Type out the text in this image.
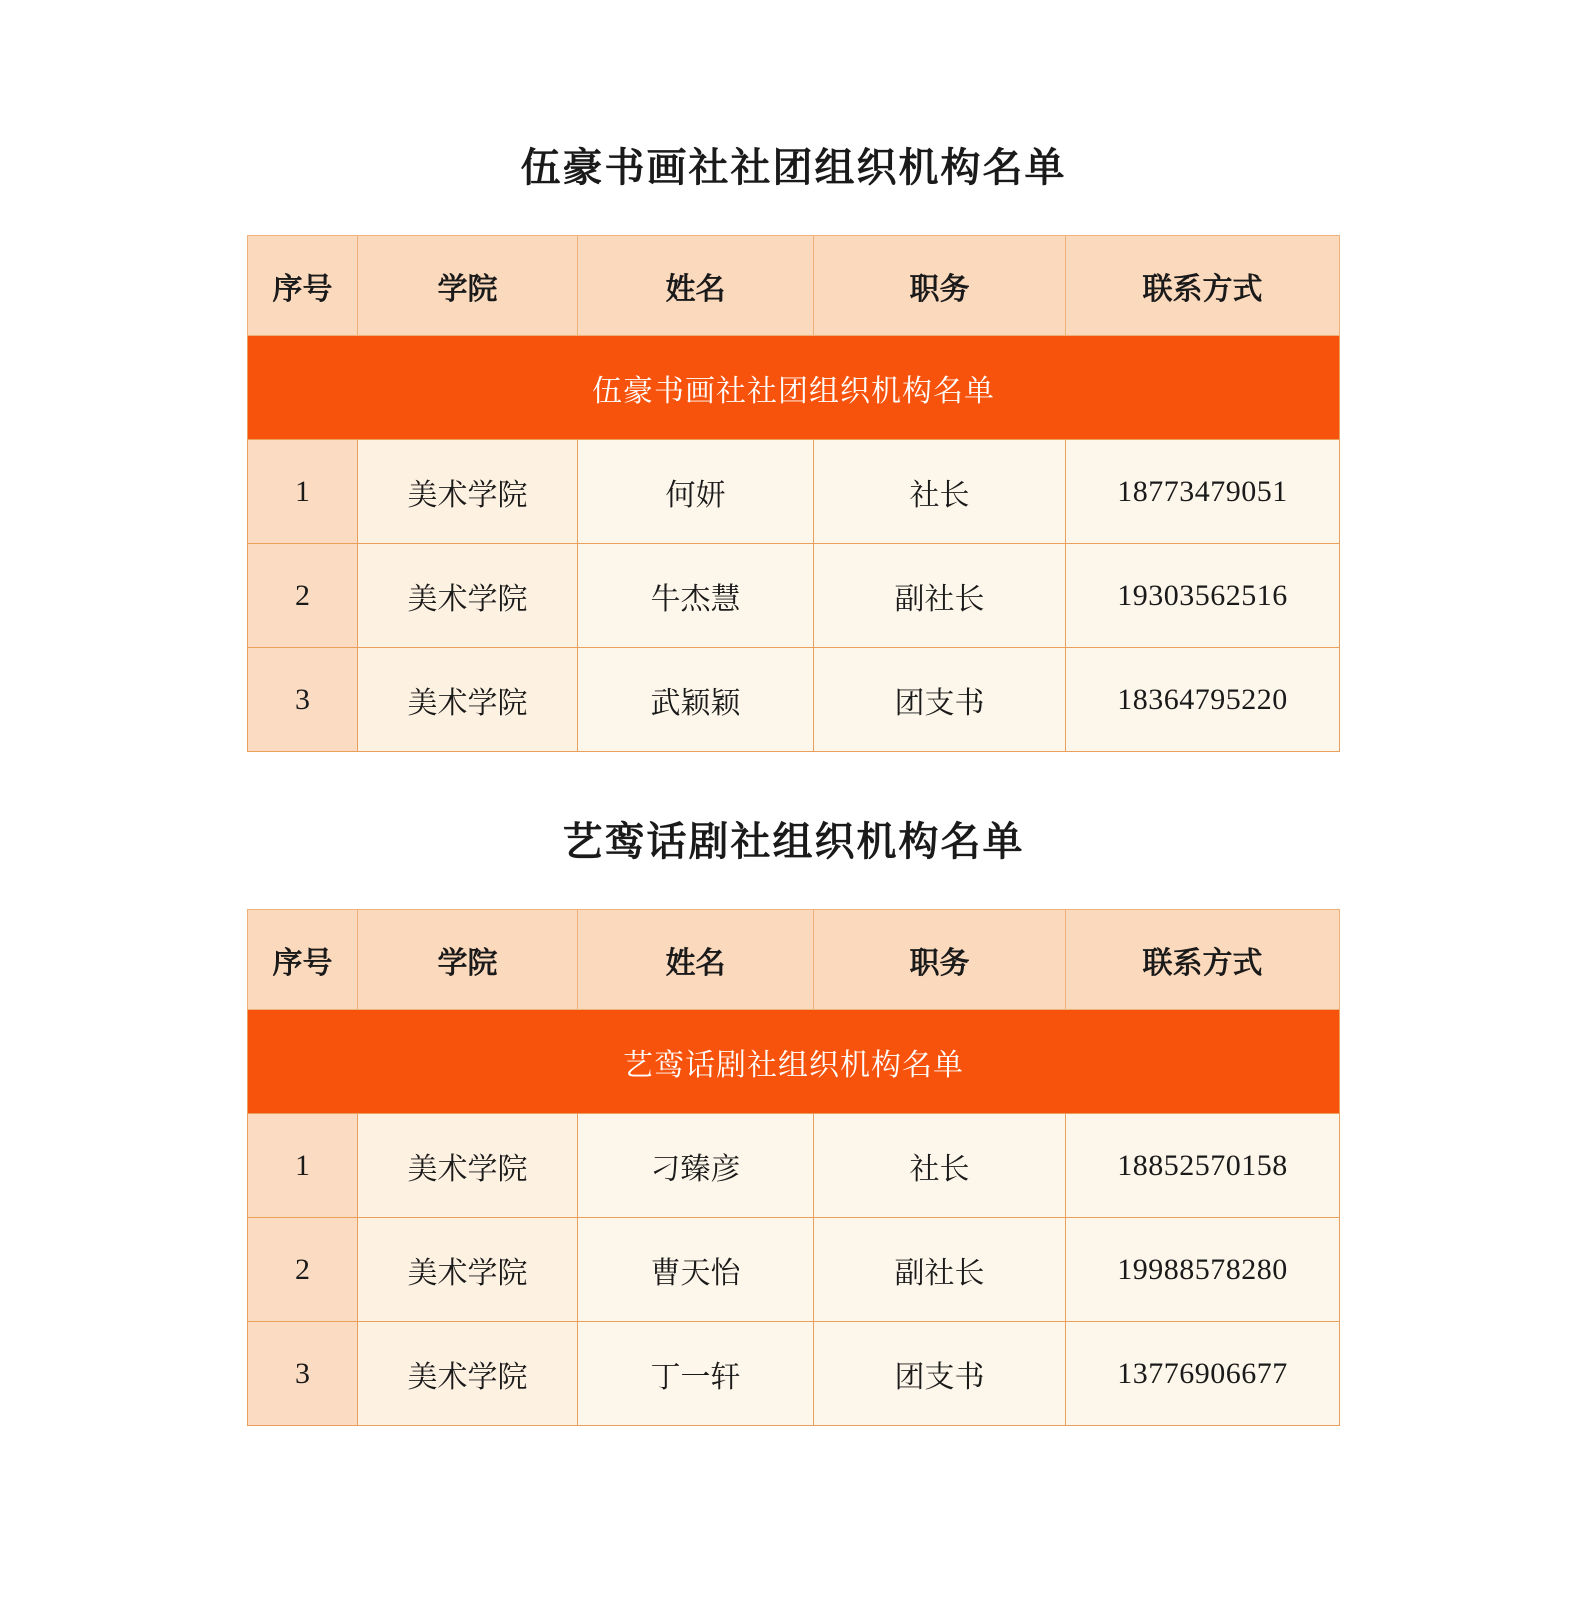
伍豪书画社社团组织机构名单
序号	学院	姓名	职务	联系方式
伍豪书画社社团组织机构名单				
1	美术学院	何妍	社长	18773479051
2	美术学院	牛杰慧	副社长	19303562516
3	美术学院	武颖颖	团支书	18364795220
艺鸾话剧社组织机构名单
序号	学院	姓名	职务	联系方式
艺鸾话剧社组织机构名单				
1	美术学院	刁臻彦	社长	18852570158
2	美术学院	曹天怡	副社长	19988578280
3	美术学院	丁一轩	团支书	13776906677
